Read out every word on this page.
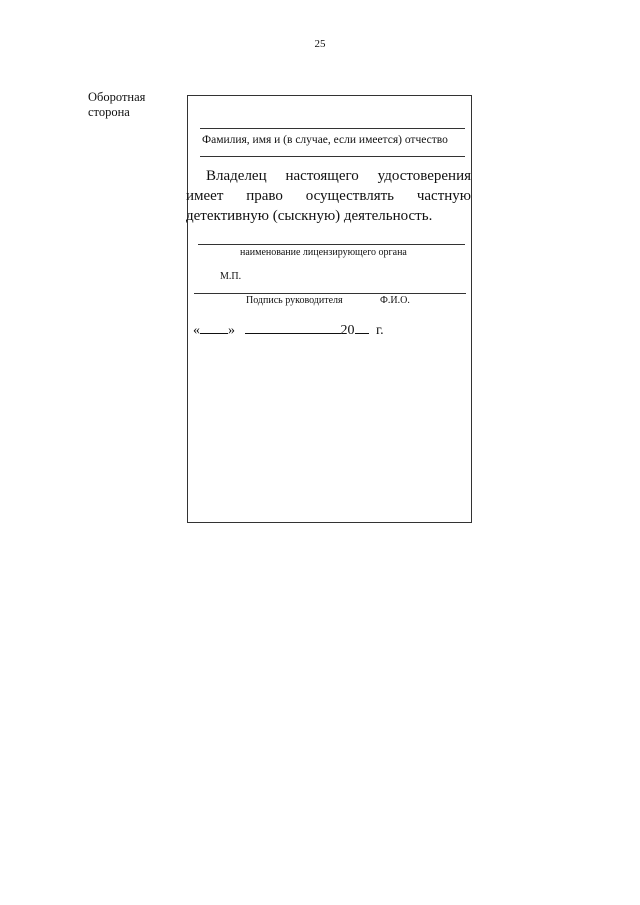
25
Оборотная
сторона
Фамилия, имя и (в случае, если имеется) отчество

Владелец настоящего удостоверения имеет право осуществлять частную детективную (сыскную) деятельность.

наименование лицензирующего органа
М.П.
Подпись руководителя	Ф.И.О.
« »	20 г.
